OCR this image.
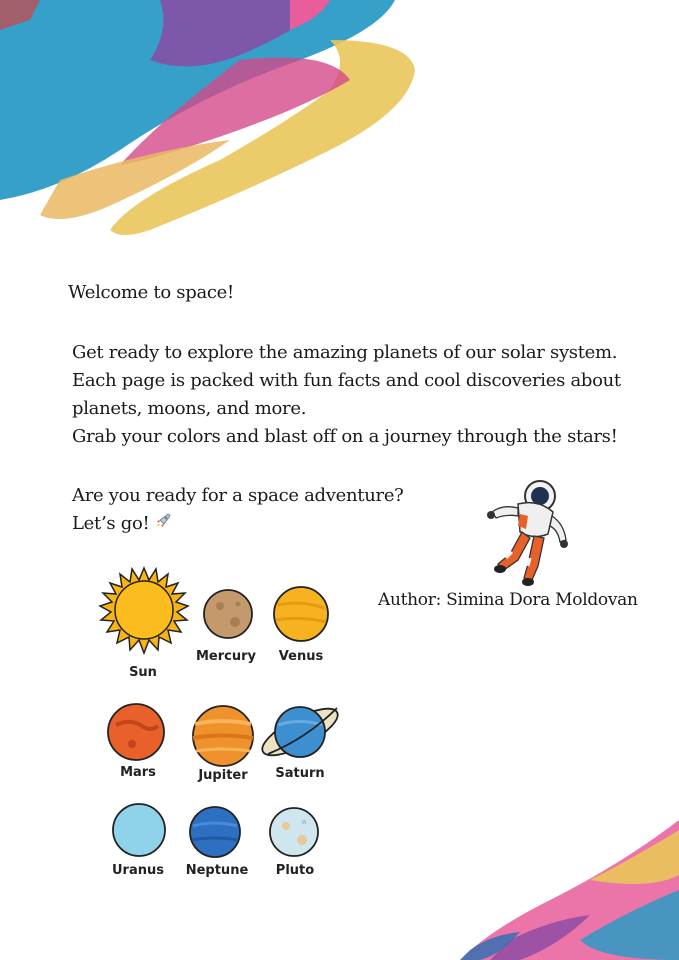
Welcome to space!
Get ready to explore the amazing planets of our solar system.
Each page is packed with fun facts and cool discoveries about
planets, moons, and more.
Grab your colors and blast off on a journey through the stars!
Are you ready for a space adventure?
Let’s go!
Author: Simina Dora Moldovan
Sun
Mercury	Venus
Mars	Jupiter	Saturn
Uranus	Neptune	Pluto
